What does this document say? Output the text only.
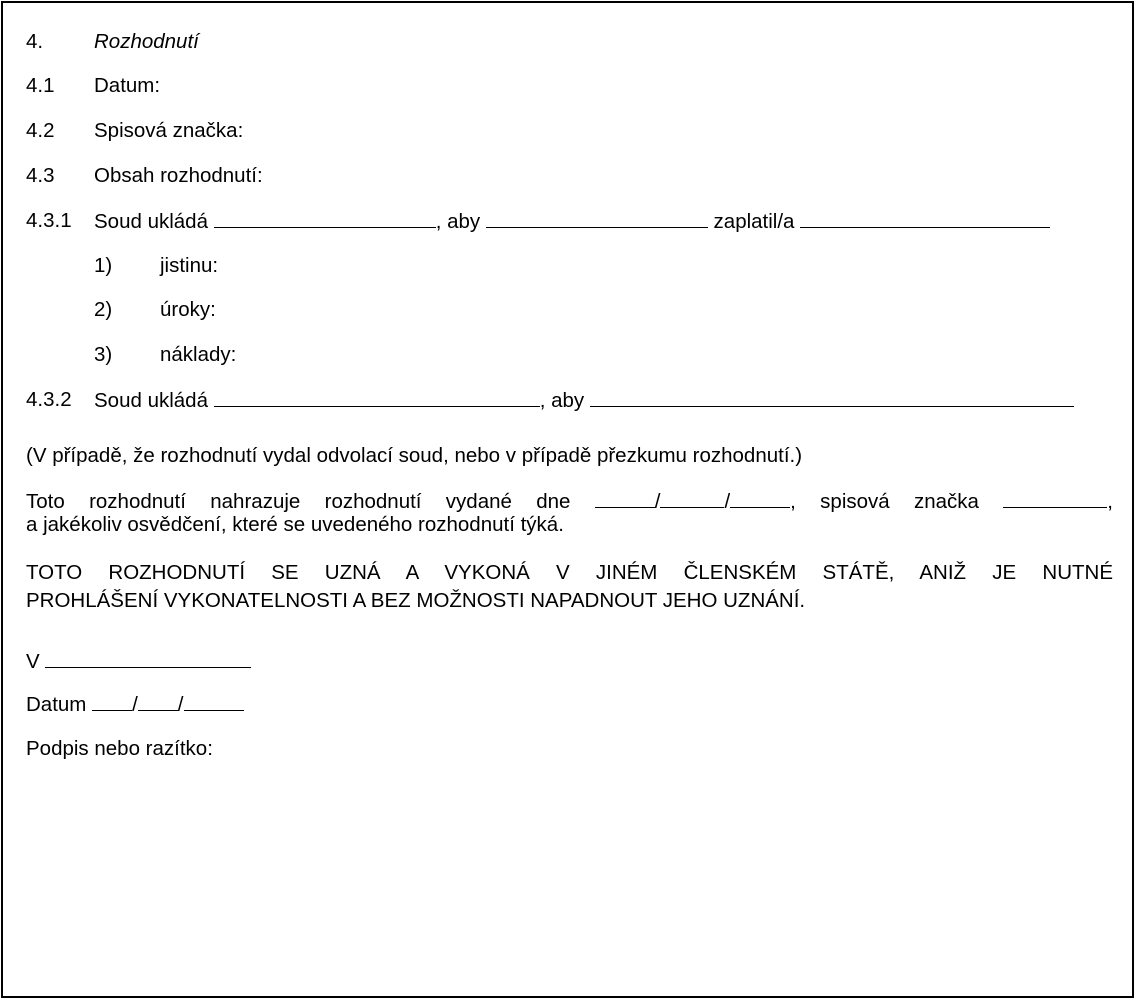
4. Rozhodnutí
4.1 Datum:
4.2 Spisová značka:
4.3 Obsah rozhodnutí:
4.3.1 Soud ukládá	, aby	zaplatil/a
1) jistinu:
2) úroky:
3) náklady:
4.3.2 Soud ukládá	, aby
(V případě, že rozhodnutí vydal odvolací soud, nebo v případě přezkumu rozhodnutí.)
Toto rozhodnutí nahrazuje rozhodnutí vydané dne	/	/	, spisová značka	,
a jakékoliv osvědčení, které se uvedeného rozhodnutí týká.
TOTO ROZHODNUTÍ SE UZNÁ A VYKONÁ V JINÉM ČLENSKÉM STÁTĚ, ANIŽ JE NUTNÉ
PROHLÁŠENÍ VYKONATELNOSTI A BEZ MOŽNOSTI NAPADNOUT JEHO UZNÁNÍ.
V
Datum / /
Podpis nebo razítko:
